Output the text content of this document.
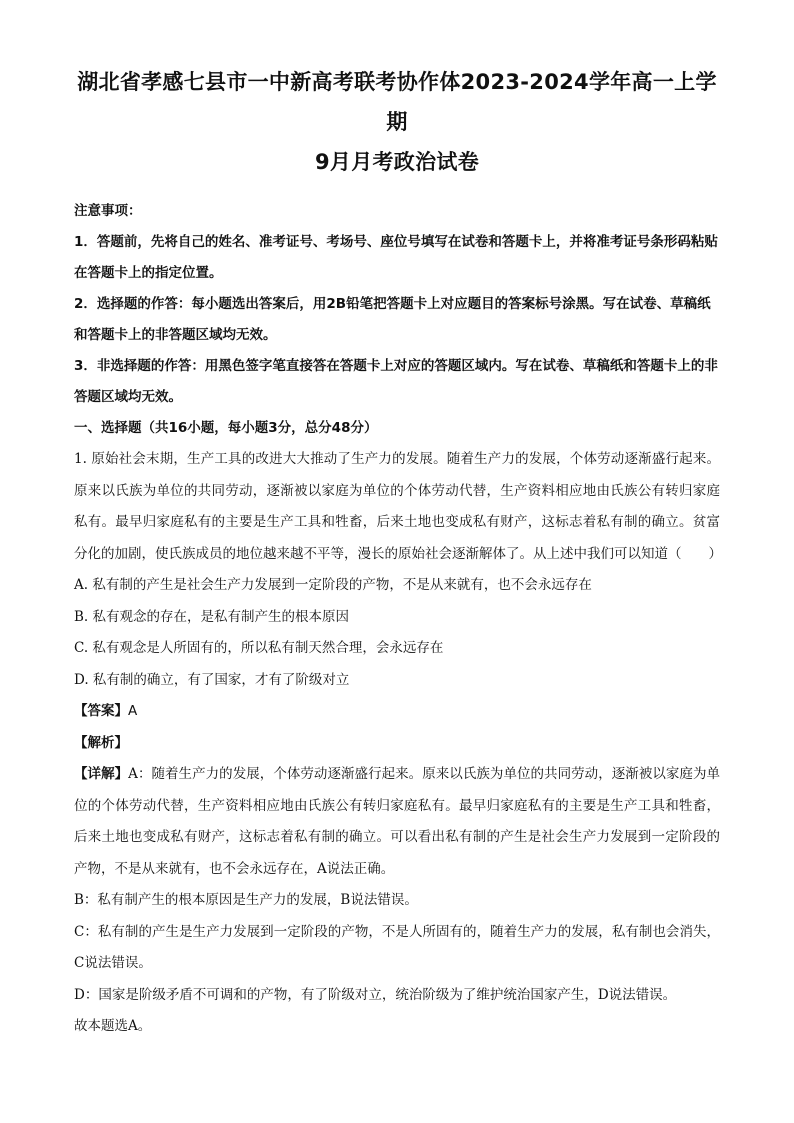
湖北省孝感七县市一中新高考联考协作体2023-2024学年高一上学期
9月月考政治试卷

注意事项：

1．答题前，先将自己的姓名、准考证号、考场号、座位号填写在试卷和答题卡上，并将准考证号条形码粘贴在答题卡上的指定位置。

2．选择题的作答：每小题选出答案后，用2B铅笔把答题卡上对应题目的答案标号涂黑。写在试卷、草稿纸和答题卡上的非答题区域均无效。

3．非选择题的作答：用黑色签字笔直接答在答题卡上对应的答题区域内。写在试卷、草稿纸和答题卡上的非答题区域均无效。

一、选择题（共16小题，每小题3分，总分48分）

1. 原始社会末期，生产工具的改进大大推动了生产力的发展。随着生产力的发展，个体劳动逐渐盛行起来。原来以氏族为单位的共同劳动，逐渐被以家庭为单位的个体劳动代替，生产资料相应地由氏族公有转归家庭私有。最早归家庭私有的主要是生产工具和牲畜，后来土地也变成私有财产，这标志着私有制的确立。贫富分化的加剧，使氏族成员的地位越来越不平等，漫长的原始社会逐渐解体了。从上述中我们可以知道（　　）

A. 私有制的产生是社会生产力发展到一定阶段的产物，不是从来就有，也不会永远存在

B. 私有观念的存在，是私有制产生的根本原因

C. 私有观念是人所固有的，所以私有制天然合理，会永远存在

D. 私有制的确立，有了国家，才有了阶级对立

【答案】A

【解析】

【详解】A：随着生产力的发展，个体劳动逐渐盛行起来。原来以氏族为单位的共同劳动，逐渐被以家庭为单位的个体劳动代替，生产资料相应地由氏族公有转归家庭私有。最早归家庭私有的主要是生产工具和牲畜，后来土地也变成私有财产，这标志着私有制的确立。可以看出私有制的产生是社会生产力发展到一定阶段的产物，不是从来就有，也不会永远存在，A说法正确。

B：私有制产生的根本原因是生产力的发展，B说法错误。

C：私有制的产生是生产力发展到一定阶段的产物，不是人所固有的，随着生产力的发展，私有制也会消失，C说法错误。

D：国家是阶级矛盾不可调和的产物，有了阶级对立，统治阶级为了维护统治国家产生，D说法错误。

故本题选A。
